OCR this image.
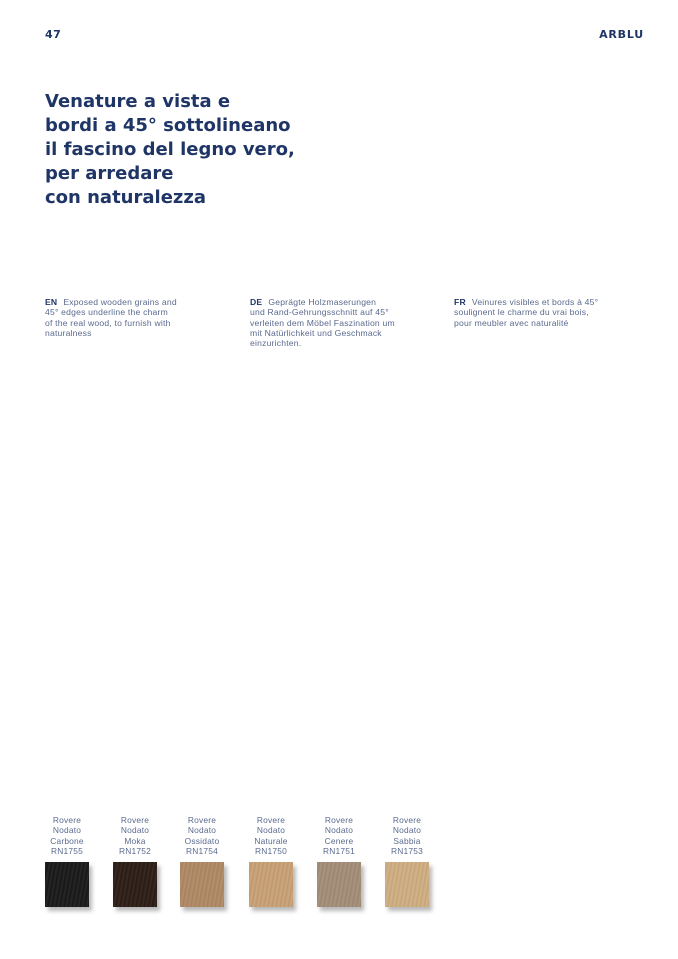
47	ARBLU
Venature a vista e
bordi a 45° sottolineano
il fascino del legno vero,
per arredare
con naturalezza
EN Exposed wooden grains and
45° edges underline the charm
of the real wood, to furnish with
naturalness
DE Geprägte Holzmaserungen
und Rand-Gehrungsschnitt auf 45°
verleiten dem Möbel Faszination um
mit Natürlichkeit und Geschmack
einzurichten.
FR Veinures visibles et bords à 45°
soulignent le charme du vrai bois,
pour meubler avec naturalité
Rovere
Nodato
Carbone
RN1755
Rovere
Nodato
Moka
RN1752
Rovere
Nodato
Ossidato
RN1754
Rovere
Nodato
Naturale
RN1750
Rovere
Nodato
Cenere
RN1751
Rovere
Nodato
Sabbia
RN1753
